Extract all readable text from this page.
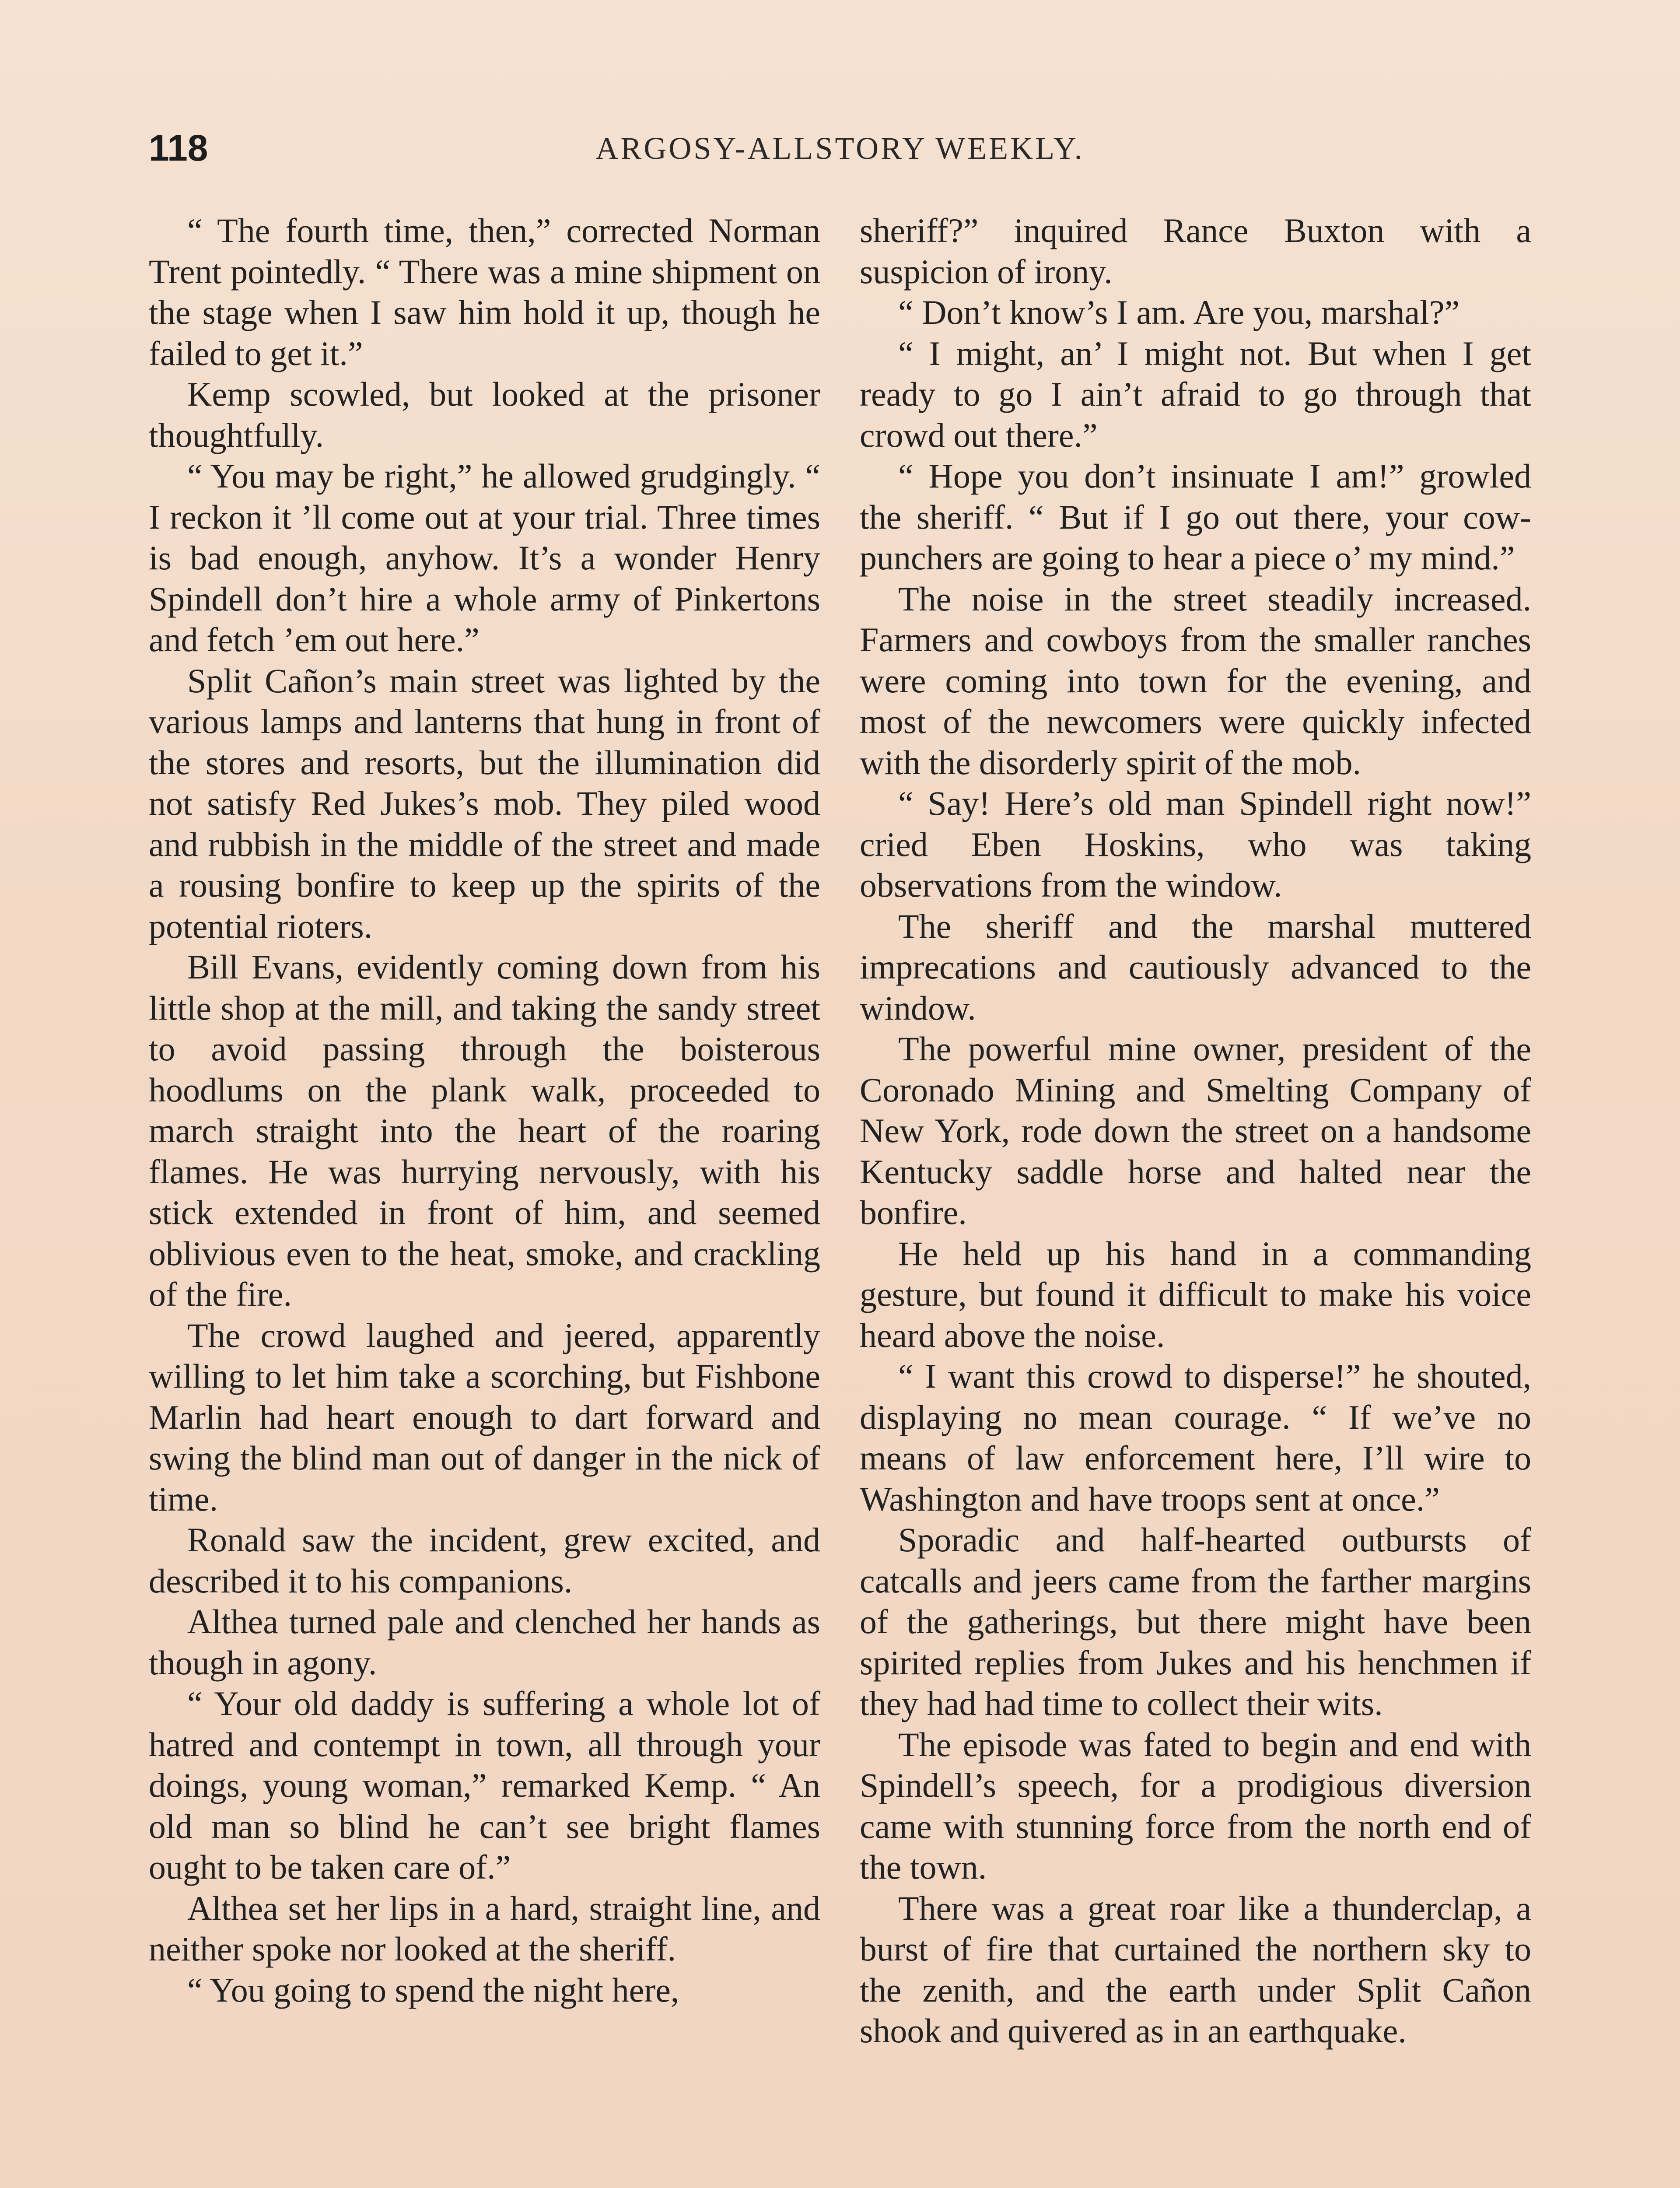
118	ARGOSY-ALLSTORY WEEKLY.

“ The fourth time, then,” corrected Norman Trent pointedly. “ There was a mine shipment on the stage when I saw him hold it up, though he failed to get it.”

Kemp scowled, but looked at the prisoner thoughtfully.

“ You may be right,” he allowed grudgingly. “ I reckon it ’ll come out at your trial. Three times is bad enough, anyhow. It’s a wonder Henry Spindell don’t hire a whole army of Pinkertons and fetch ’em out here.”

Split Cañon’s main street was lighted by the various lamps and lanterns that hung in front of the stores and resorts, but the illumination did not satisfy Red Jukes’s mob. They piled wood and rubbish in the middle of the street and made a rousing bonfire to keep up the spirits of the potential rioters.

Bill Evans, evidently coming down from his little shop at the mill, and taking the sandy street to avoid passing through the boisterous hoodlums on the plank walk, proceeded to march straight into the heart of the roaring flames. He was hurrying nervously, with his stick extended in front of him, and seemed oblivious even to the heat, smoke, and crackling of the fire.

The crowd laughed and jeered, apparently willing to let him take a scorching, but Fishbone Marlin had heart enough to dart forward and swing the blind man out of danger in the nick of time.

Ronald saw the incident, grew excited, and described it to his companions.

Althea turned pale and clenched her hands as though in agony.

“ Your old daddy is suffering a whole lot of hatred and contempt in town, all through your doings, young woman,” remarked Kemp. “ An old man so blind he can’t see bright flames ought to be taken care of.”

Althea set her lips in a hard, straight line, and neither spoke nor looked at the sheriff.

“ You going to spend the night here,

sheriff?” inquired Rance Buxton with a suspicion of irony.

“ Don’t know’s I am. Are you, marshal?”

“ I might, an’ I might not. But when I get ready to go I ain’t afraid to go through that crowd out there.”

“ Hope you don’t insinuate I am!” growled the sheriff. “ But if I go out there, your cow-punchers are going to hear a piece o’ my mind.”

The noise in the street steadily increased. Farmers and cowboys from the smaller ranches were coming into town for the evening, and most of the newcomers were quickly infected with the disorderly spirit of the mob.

“ Say! Here’s old man Spindell right now!” cried Eben Hoskins, who was taking observations from the window.

The sheriff and the marshal muttered imprecations and cautiously advanced to the window.

The powerful mine owner, president of the Coronado Mining and Smelting Company of New York, rode down the street on a handsome Kentucky saddle horse and halted near the bonfire.

He held up his hand in a commanding gesture, but found it difficult to make his voice heard above the noise.

“ I want this crowd to disperse!” he shouted, displaying no mean courage. “ If we’ve no means of law enforcement here, I’ll wire to Washington and have troops sent at once.”

Sporadic and half-hearted outbursts of catcalls and jeers came from the farther margins of the gatherings, but there might have been spirited replies from Jukes and his henchmen if they had had time to collect their wits.

The episode was fated to begin and end with Spindell’s speech, for a prodigious diversion came with stunning force from the north end of the town.

There was a great roar like a thunderclap, a burst of fire that curtained the northern sky to the zenith, and the earth under Split Cañon shook and quivered as in an earthquake.
